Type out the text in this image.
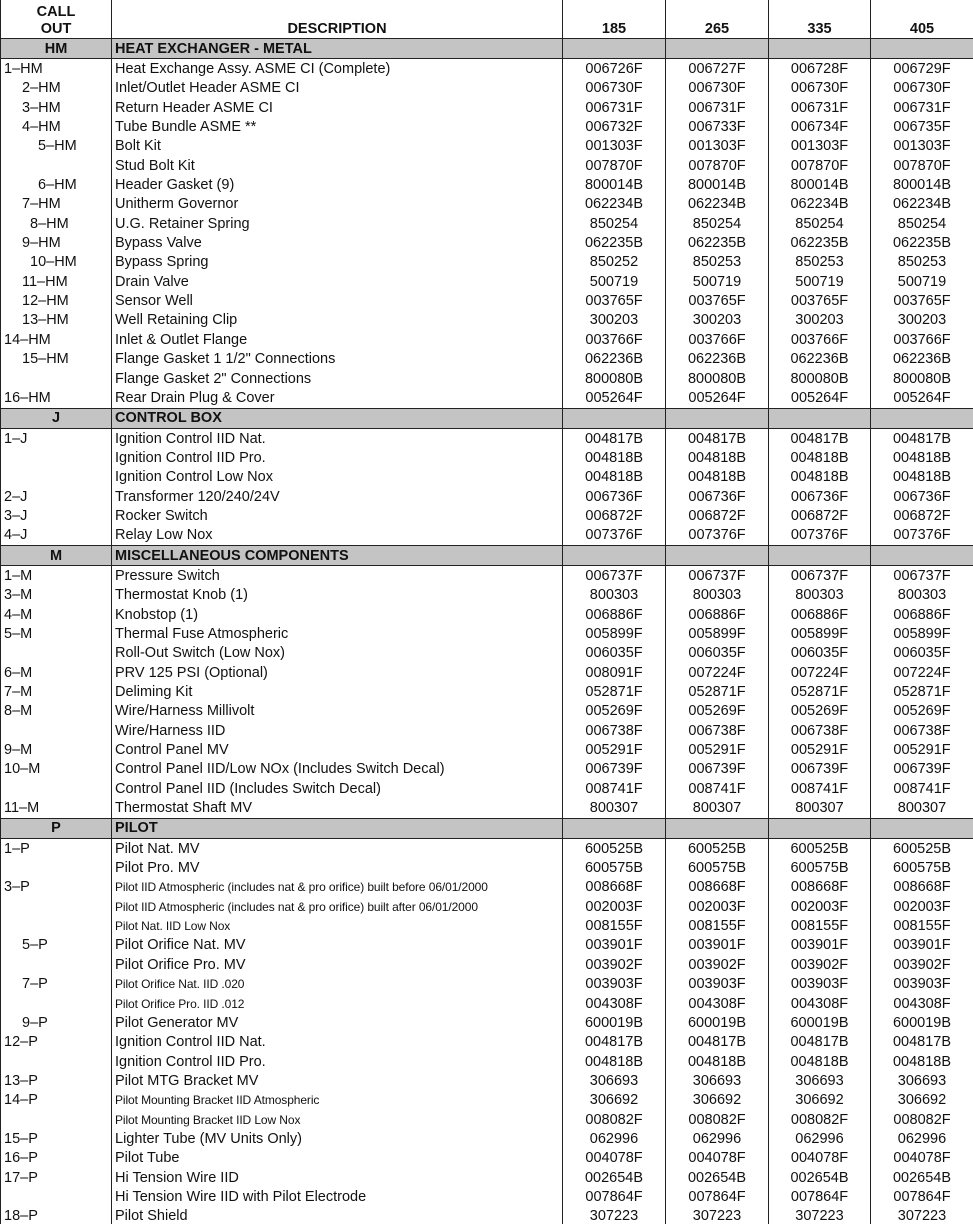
CALL
OUT	DESCRIPTION	185	265	335	405
HM	HEAT EXCHANGER - METAL				
1–HM	Heat Exchange Assy. ASME CI (Complete)	006726F	006727F	006728F	006729F
2–HM	Inlet/Outlet Header ASME CI	006730F	006730F	006730F	006730F
3–HM	Return Header ASME CI	006731F	006731F	006731F	006731F
4–HM	Tube Bundle ASME **	006732F	006733F	006734F	006735F
5–HM	Bolt Kit	001303F	001303F	001303F	001303F
	Stud Bolt Kit	007870F	007870F	007870F	007870F
6–HM	Header Gasket (9)	800014B	800014B	800014B	800014B
7–HM	Unitherm Governor	062234B	062234B	062234B	062234B
8–HM	U.G. Retainer Spring	850254	850254	850254	850254
9–HM	Bypass Valve	062235B	062235B	062235B	062235B
10–HM	Bypass Spring	850252	850253	850253	850253
11–HM	Drain Valve	500719	500719	500719	500719
12–HM	Sensor Well	003765F	003765F	003765F	003765F
13–HM	Well Retaining Clip	300203	300203	300203	300203
14–HM	Inlet & Outlet Flange	003766F	003766F	003766F	003766F
15–HM	Flange Gasket 1 1/2" Connections	062236B	062236B	062236B	062236B
	Flange Gasket 2" Connections	800080B	800080B	800080B	800080B
16–HM	Rear Drain Plug & Cover	005264F	005264F	005264F	005264F
J	CONTROL BOX				
1–J	Ignition Control IID Nat.	004817B	004817B	004817B	004817B
	Ignition Control IID Pro.	004818B	004818B	004818B	004818B
	Ignition Control Low Nox	004818B	004818B	004818B	004818B
2–J	Transformer 120/240/24V	006736F	006736F	006736F	006736F
3–J	Rocker Switch	006872F	006872F	006872F	006872F
4–J	Relay Low Nox	007376F	007376F	007376F	007376F
M	MISCELLANEOUS COMPONENTS				
1–M	Pressure Switch	006737F	006737F	006737F	006737F
3–M	Thermostat Knob (1)	800303	800303	800303	800303
4–M	Knobstop (1)	006886F	006886F	006886F	006886F
5–M	Thermal Fuse Atmospheric	005899F	005899F	005899F	005899F
	Roll-Out Switch (Low Nox)	006035F	006035F	006035F	006035F
6–M	PRV 125 PSI (Optional)	008091F	007224F	007224F	007224F
7–M	Deliming Kit	052871F	052871F	052871F	052871F
8–M	Wire/Harness Millivolt	005269F	005269F	005269F	005269F
	Wire/Harness IID	006738F	006738F	006738F	006738F
9–M	Control Panel MV	005291F	005291F	005291F	005291F
10–M	Control Panel IID/Low NOx (Includes Switch Decal)	006739F	006739F	006739F	006739F
	Control Panel IID (Includes Switch Decal)	008741F	008741F	008741F	008741F
11–M	Thermostat Shaft MV	800307	800307	800307	800307
P	PILOT				
1–P	Pilot Nat. MV	600525B	600525B	600525B	600525B
	Pilot Pro. MV	600575B	600575B	600575B	600575B
3–P	Pilot IID Atmospheric (includes nat & pro orifice) built before 06/01/2000	008668F	008668F	008668F	008668F
	Pilot IID Atmospheric (includes nat & pro orifice) built after 06/01/2000	002003F	002003F	002003F	002003F
	Pilot Nat. IID Low Nox	008155F	008155F	008155F	008155F
5–P	Pilot Orifice Nat. MV	003901F	003901F	003901F	003901F
	Pilot Orifice Pro. MV	003902F	003902F	003902F	003902F
7–P	Pilot Orifice Nat. IID .020	003903F	003903F	003903F	003903F
	Pilot Orifice Pro. IID .012	004308F	004308F	004308F	004308F
9–P	Pilot Generator MV	600019B	600019B	600019B	600019B
12–P	Ignition Control IID Nat.	004817B	004817B	004817B	004817B
	Ignition Control IID Pro.	004818B	004818B	004818B	004818B
13–P	Pilot MTG Bracket MV	306693	306693	306693	306693
14–P	Pilot Mounting Bracket IID Atmospheric	306692	306692	306692	306692
	Pilot Mounting Bracket IID Low Nox	008082F	008082F	008082F	008082F
15–P	Lighter Tube (MV Units Only)	062996	062996	062996	062996
16–P	Pilot Tube	004078F	004078F	004078F	004078F
17–P	Hi Tension Wire IID	002654B	002654B	002654B	002654B
	Hi Tension Wire IID with Pilot Electrode	007864F	007864F	007864F	007864F
18–P	Pilot Shield	307223	307223	307223	307223
